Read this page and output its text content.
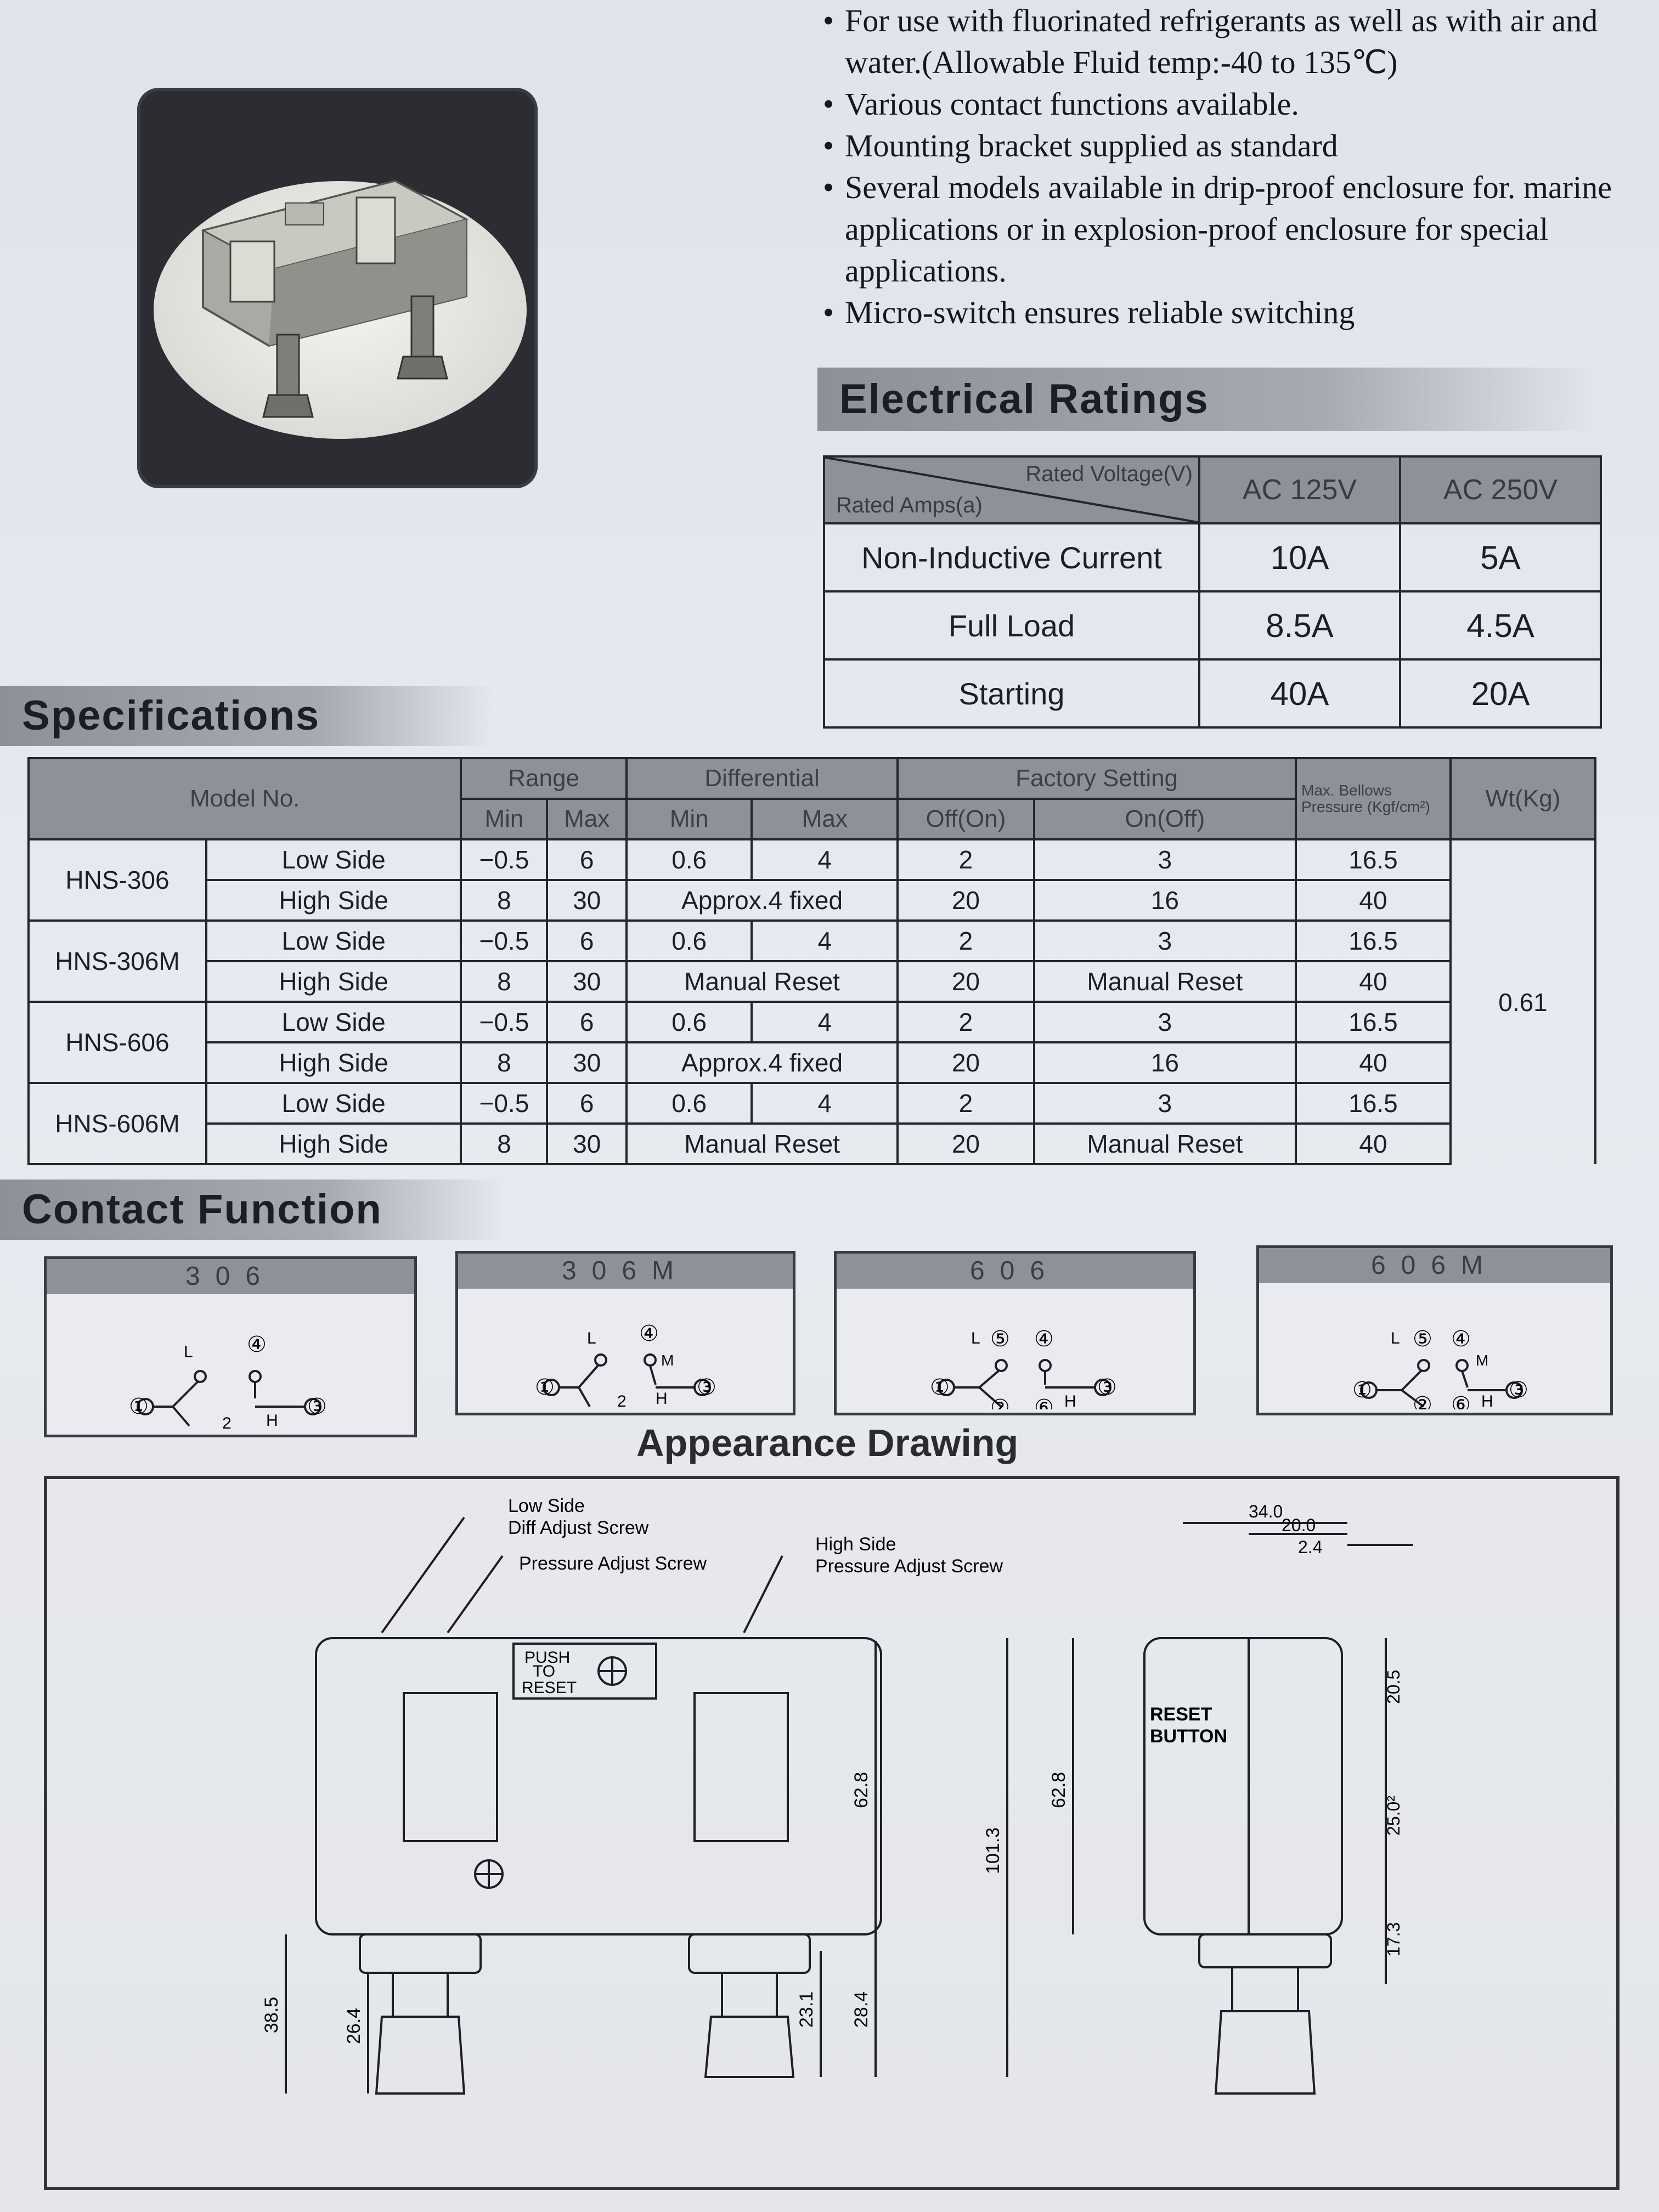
• For use with fluorinated refrigerants as well as with air and water.(Allowable Fluid temp:-40 to 135℃)
• Various contact functions available.
• Mounting bracket supplied as standard
• Several models available in drip-proof enclosure for. marine applications or in explosion-proof enclosure for special applications.
• Micro-switch ensures reliable switching
Electrical Ratings
Rated Voltage(V)
Rated Amps(a)	AC 125V	AC 250V
Non-Inductive Current	10A	5A
Full Load	8.5A	4.5A
Starting	40A	20A
Specifications
Model No.		Range		Differential		Factory Setting		Max. Bellows Pressure (Kgf/cm²)	Wt(Kg)
		Min	Max	Min	Max	Off(On)	On(Off)		
HNS-306	Low Side	−0.5	6	0.6	4	2	3	16.5	0.61
	High Side	8	30	Approx.4 fixed		20	16	40	
HNS-306M	Low Side	−0.5	6	0.6	4	2	3	16.5	
	High Side	8	30	Manual Reset		20	Manual Reset	40	
HNS-606	Low Side	−0.5	6	0.6	4	2	3	16.5	
	High Side	8	30	Approx.4 fixed		20	16	40	
HNS-606M	Low Side	−0.5	6	0.6	4	2	3	16.5	
	High Side	8	30	Manual Reset		20	Manual Reset	40	
Contact Function
306
L ④
①	③
2 H
306M
L ④
M
①	③
2 H
606
L ⑤ ④
①	③
② ⑥ H
606M
L ⑤ ④
M
①	③
② ⑥ H
Appearance Drawing
Low Side
Diff Adjust Screw
Pressure Adjust Screw
High Side
Pressure Adjust Screw
PUSH
TO
RESET
RESET
BUTTON
62.8
28.4
23.1
38.5	26.4
101.3
62.8
34.0
20.0
2.4
20.5
25.0²
17.3
